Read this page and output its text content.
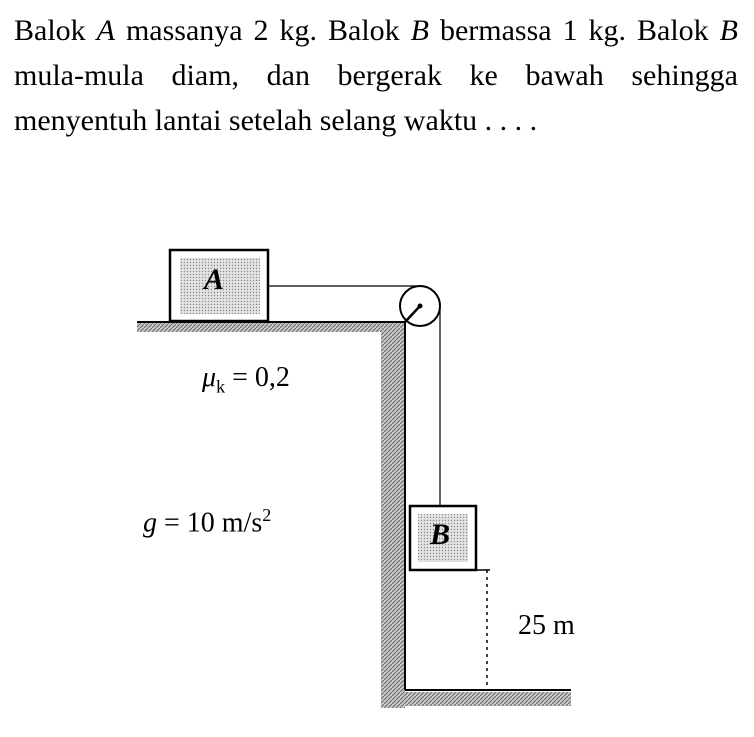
Balok A massanya 2 kg. Balok B bermassa 1 kg. Balok B mula-mula diam, dan bergerak ke bawah sehingga menyentuh lantai setelah selang waktu . . . .
A
B
$\mu_k = 0,2$
g = 10 $m/s^2$
25 m
